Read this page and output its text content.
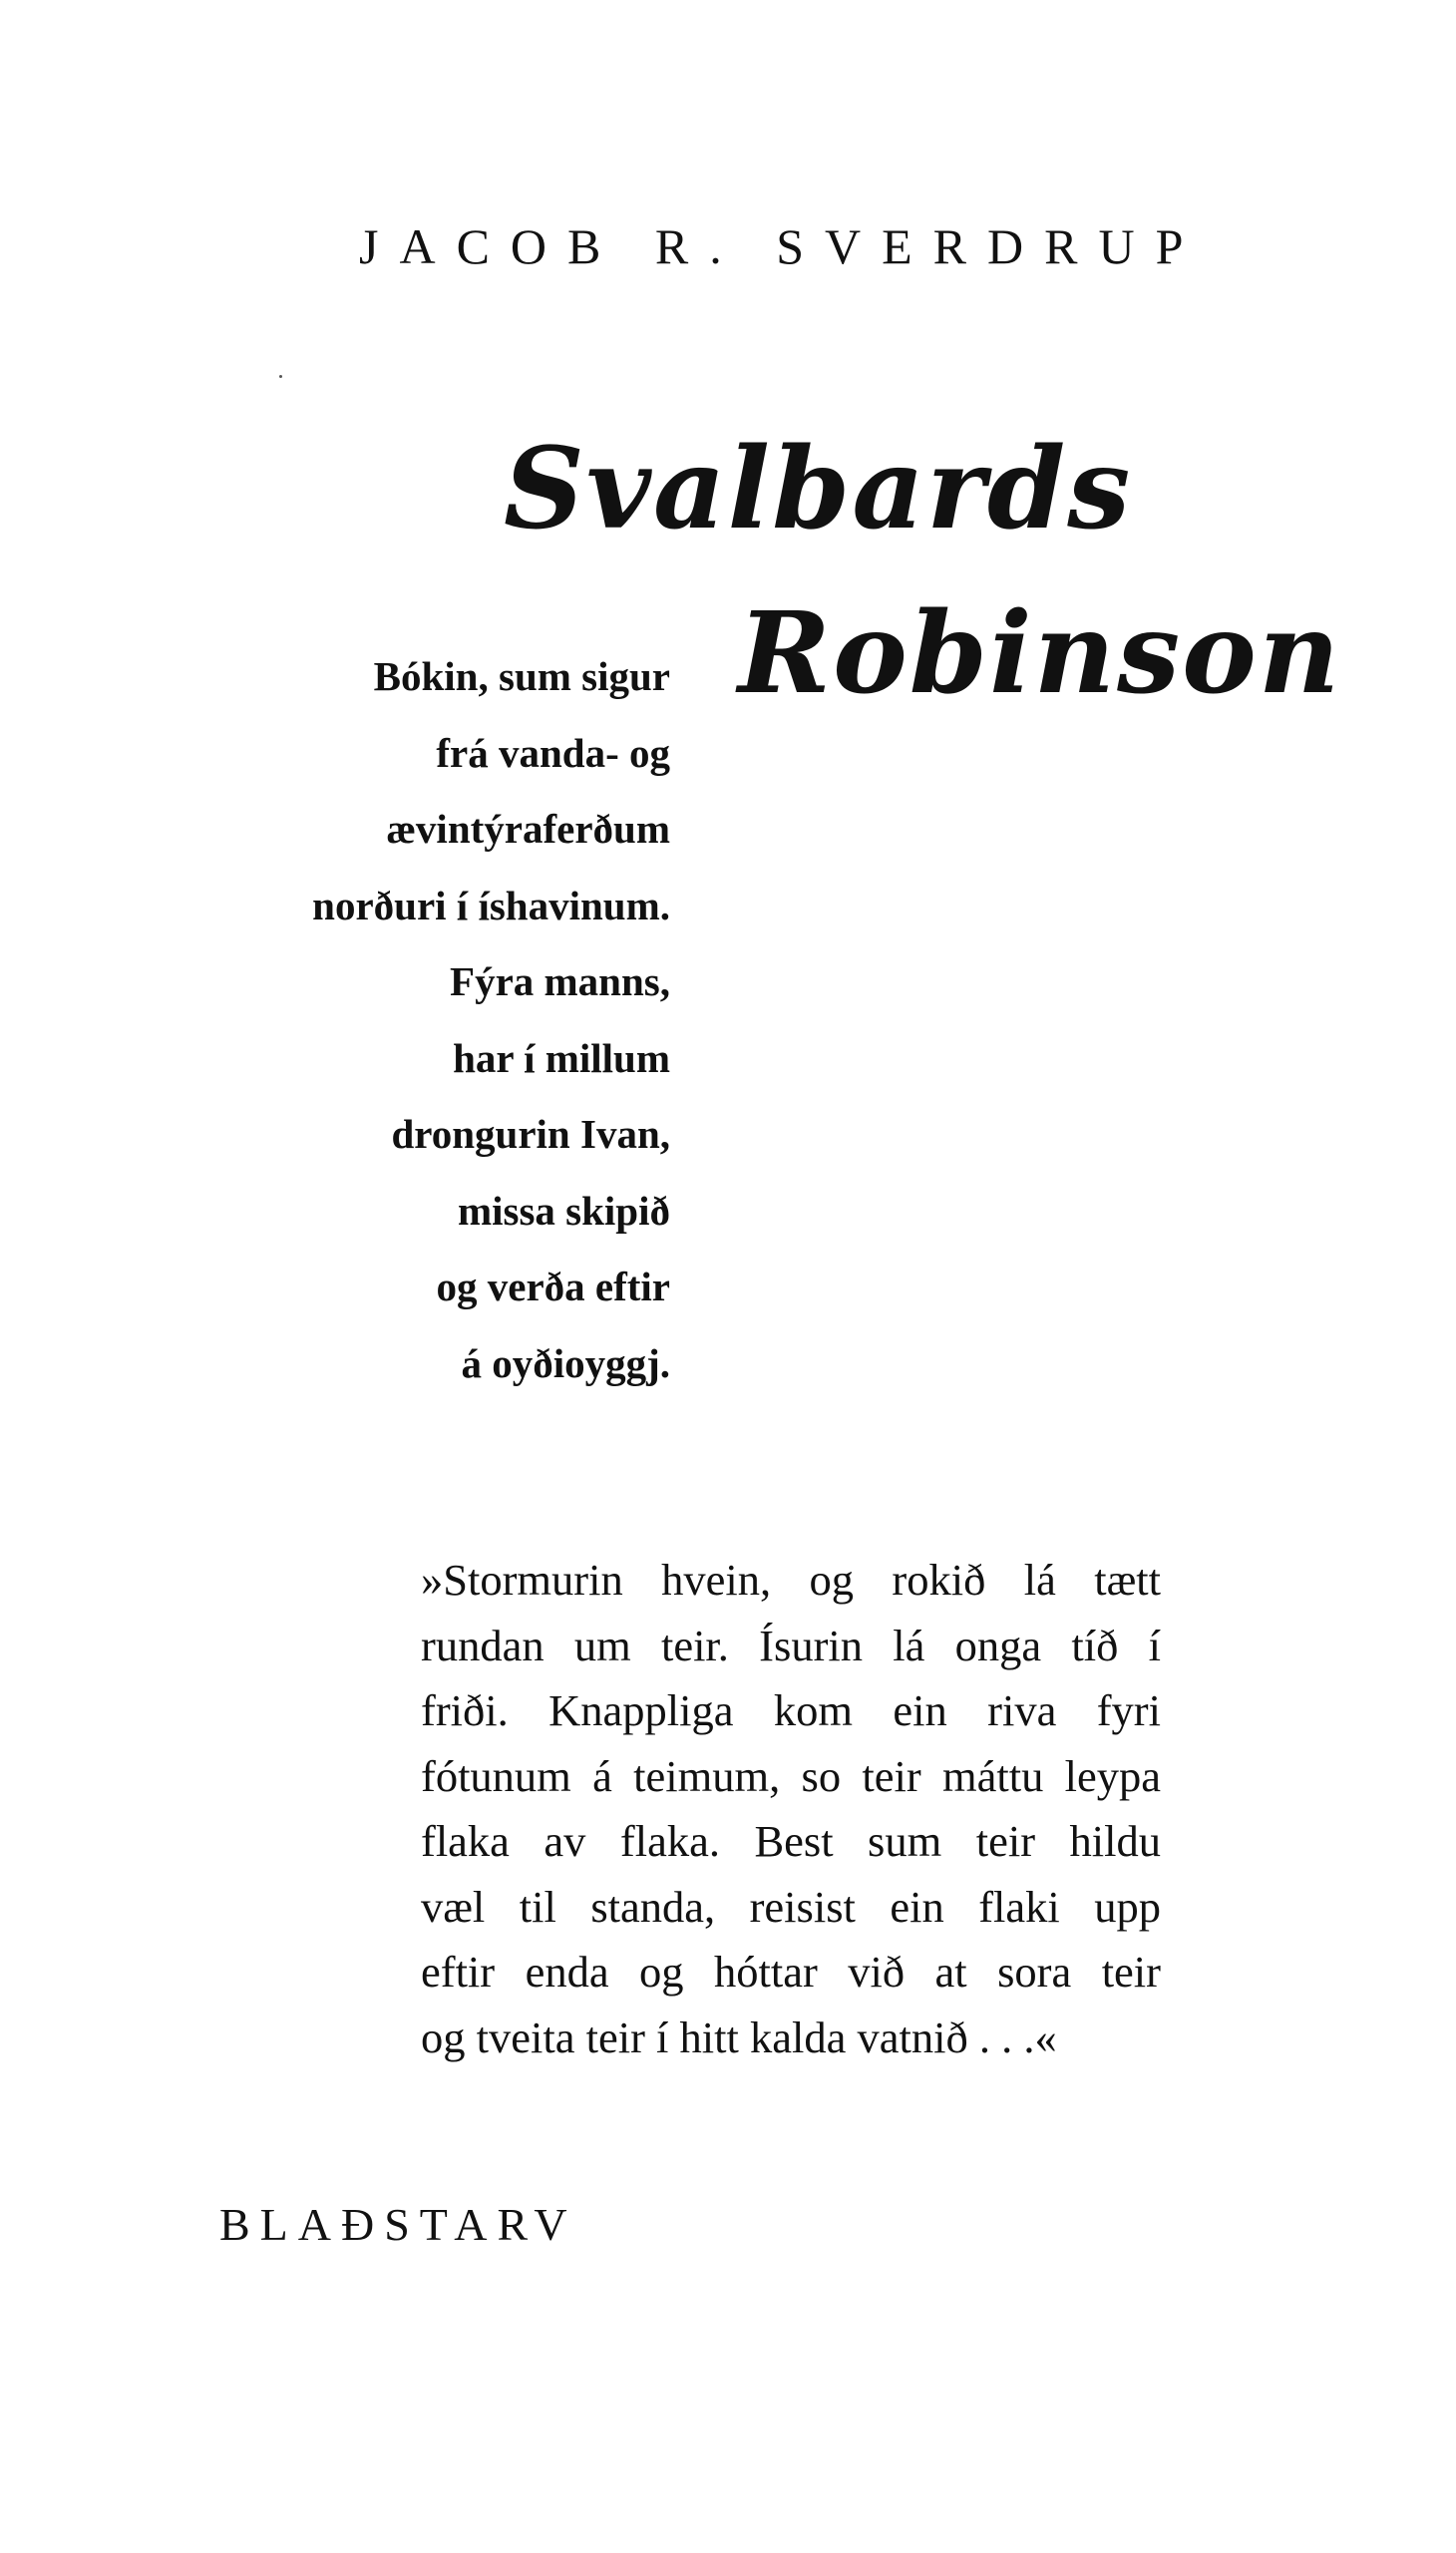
JACOB R. SVERDRUP
Svalbards
Robinson
Bókin, sum sigur
frá vanda- og
ævintýraferðum
norðuri í íshavinum.
Fýra manns,
har í millum
drongurin Ivan,
missa skipið
og verða eftir
á oyðioyggj.
»Stormurin hvein, og rokið lá tætt
rundan um teir. Ísurin lá onga tíð í
friði. Knappliga kom ein riva fyri
fótunum á teimum, so teir máttu leypa
flaka av flaka. Best sum teir hildu
væl til standa, reisist ein flaki upp
eftir enda og hóttar við at sora teir
og tveita teir í hitt kalda vatnið . . .«
BLAÐSTARV
